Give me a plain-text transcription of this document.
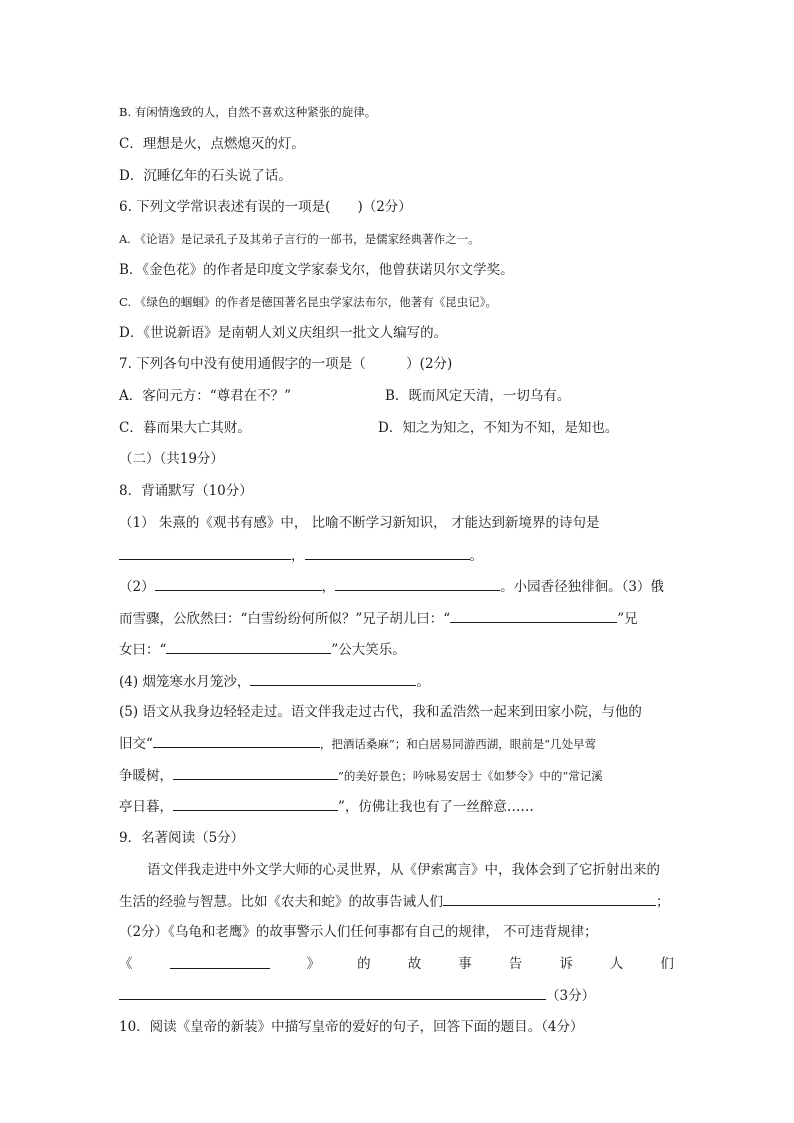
B. 有闲情逸致的人，自然不喜欢这种紧张的旋律。
C．理想是火，点燃熄灭的灯。
D．沉睡亿年的石头说了话。
6. 下列文学常识表述有误的一项是(　　)（2分）
A. 《论语》是记录孔子及其弟子言行的一部书，是儒家经典著作之一。
B．《金色花》的作者是印度文学家泰戈尔，他曾获诺贝尔文学奖。
C. 《绿色的蝈蝈》的作者是德国著名昆虫学家法布尔，他著有《昆虫记》。
D．《世说新语》是南朝人刘义庆组织一批文人编写的。
7. 下列各句中没有使用通假字的一项是（　　　）(2分)
A．客问元方：“尊君在不？”	B．既而风定天清，一切乌有。
C．暮而果大亡其财。	D．知之为知之，不知为不知，是知也。
（二）（共19分）
8．背诵默写（10分）
（1） 朱熹的《观书有感》中， 比喻不断学习新知识， 才能达到新境界的诗句是
，	。
（2）	，	。小园香径独徘徊。（3）俄
而雪骤，公欣然曰：“白雪纷纷何所似？”兄子胡儿曰：“	”兄
女曰：“	”公大笑乐。
(4) 烟笼寒水月笼沙，	。
(5) 语文从我身边轻轻走过。语文伴我走过古代，我和孟浩然一起来到田家小院，与他的
旧交“	，把酒话桑麻”；和白居易同游西湖，眼前是“几处早莺
争暖树，	”的美好景色；吟咏易安居士《如梦令》中的“常记溪
亭日暮，	”，仿佛让我也有了一丝醉意……
9．名著阅读（5分）
语文伴我走进中外文学大师的心灵世界，从《伊索寓言》中，我体会到了它折射出来的
生活的经验与智慧。比如《农夫和蛇》的故事告诫人们	；
（2分）《乌龟和老鹰》的故事警示人们任何事都有自己的规律， 不可违背规律；
《	》	的	故	事	告	诉	人	们
（3分）
10．阅读《皇帝的新装》中描写皇帝的爱好的句子，回答下面的题目。（4分）
